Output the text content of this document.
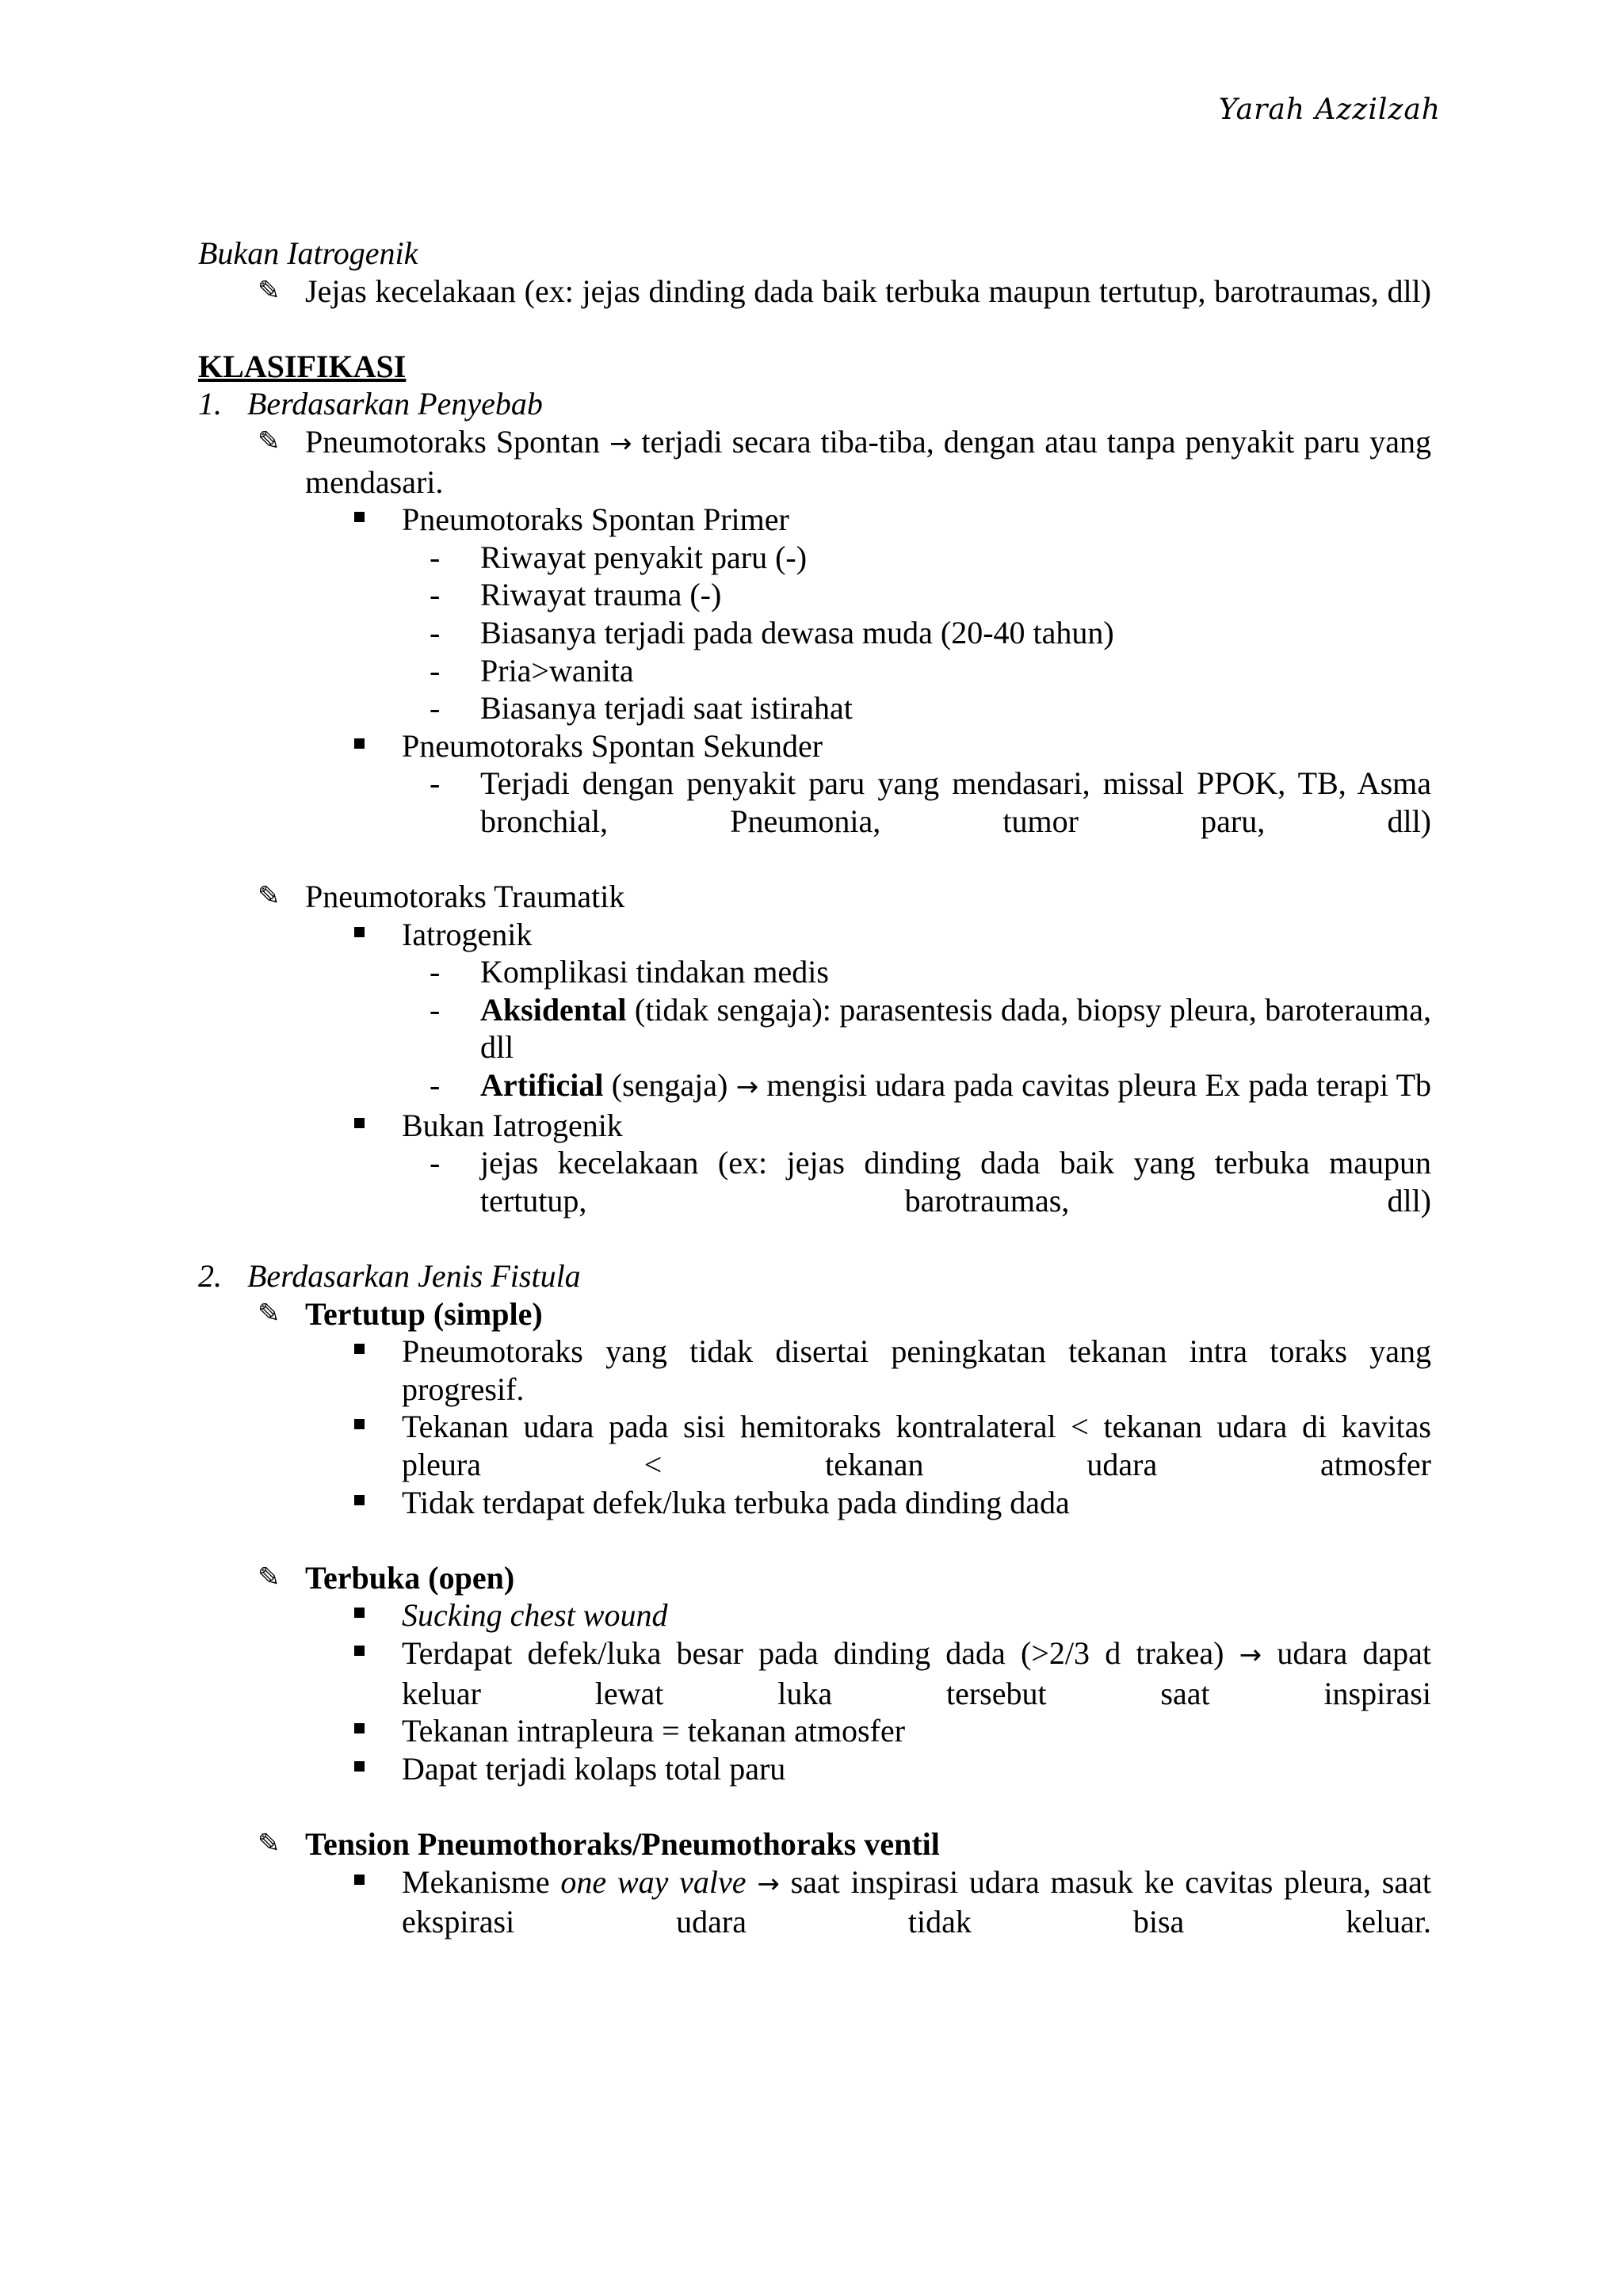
Yarah Azzilzah
Bukan Iatrogenik
✎ Jejas kecelakaan (ex: jejas dinding dada baik terbuka maupun tertutup, barotraumas, dll)
KLASIFIKASI
1. Berdasarkan Penyebab
✎ Pneumotoraks Spontan → terjadi secara tiba-tiba, dengan atau tanpa penyakit paru yang mendasari.
Pneumotoraks Spontan Primer
-	Riwayat penyakit paru (-)
-	Riwayat trauma (-)
-	Biasanya terjadi pada dewasa muda (20-40 tahun)
-	Pria>wanita
-	Biasanya terjadi saat istirahat
Pneumotoraks Spontan Sekunder
-	Terjadi dengan penyakit paru yang mendasari, missal PPOK, TB, Asma bronchial, Pneumonia, tumor paru, dll)
✎ Pneumotoraks Traumatik
Iatrogenik
-	Komplikasi tindakan medis
-	Aksidental (tidak sengaja): parasentesis dada, biopsy pleura, baroterauma, dll
-	Artificial (sengaja) → mengisi udara pada cavitas pleura Ex pada terapi Tb
Bukan Iatrogenik
-	jejas kecelakaan (ex: jejas dinding dada baik yang terbuka maupun tertutup, barotraumas, dll)
2. Berdasarkan Jenis Fistula
✎ Tertutup (simple)
Pneumotoraks yang tidak disertai peningkatan tekanan intra toraks yang progresif.
Tekanan udara pada sisi hemitoraks kontralateral < tekanan udara di kavitas pleura < tekanan udara atmosfer
Tidak terdapat defek/luka terbuka pada dinding dada
✎ Terbuka (open)
Sucking chest wound
Terdapat defek/luka besar pada dinding dada (>2/3 d trakea) → udara dapat keluar lewat luka tersebut saat inspirasi
Tekanan intrapleura = tekanan atmosfer
Dapat terjadi kolaps total paru
✎ Tension Pneumothoraks/Pneumothoraks ventil
Mekanisme one way valve → saat inspirasi udara masuk ke cavitas pleura, saat ekspirasi udara tidak bisa keluar.
